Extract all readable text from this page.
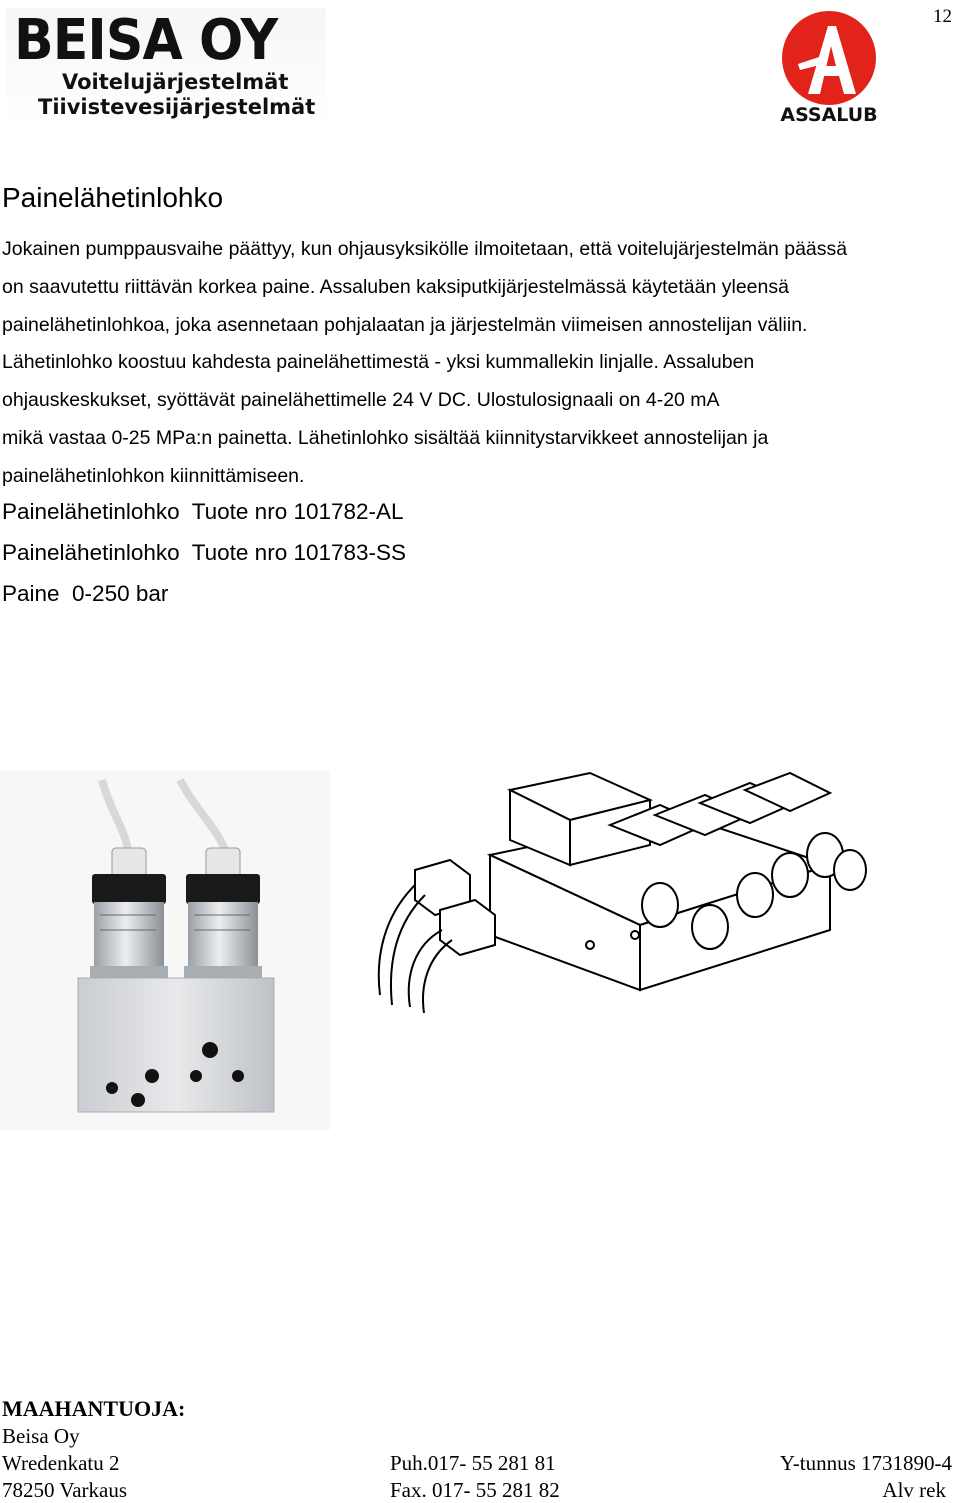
12
BEISA OY
Voitelujärjestelmät
Tiivistevesijärjestelmät	ASSALUB
Painelähetinlohko

Jokainen pumppausvaihe päättyy, kun ohjausyksikölle ilmoitetaan, että voitelujärjestelmän päässä

on saavutettu riittävän korkea paine. Assaluben kaksiputkijärjestelmässä käytetään yleensä

painelähetinlohkoa, joka asennetaan pohjalaatan ja järjestelmän viimeisen annostelijan väliin.

Lähetinlohko koostuu kahdesta painelähettimestä - yksi kummallekin linjalle. Assaluben

ohjauskeskukset, syöttävät painelähettimelle 24 V DC. Ulostulosignaali on 4-20 mA

mikä vastaa 0-25 MPa:n painetta. Lähetinlohko sisältää kiinnitystarvikkeet annostelijan ja

painelähetinlohkon kiinnittämiseen.

Painelähetinlohko  Tuote nro 101782-AL
Painelähetinlohko  Tuote nro 101783-SS
Paine  0-250 bar
MAAHANTUOJA:
Beisa Oy
Wredenkatu 2
78250 Varkaus
Puh.017- 55 281 81
Fax. 017- 55 281 82
Y-tunnus 1731890-4
Alv rek
